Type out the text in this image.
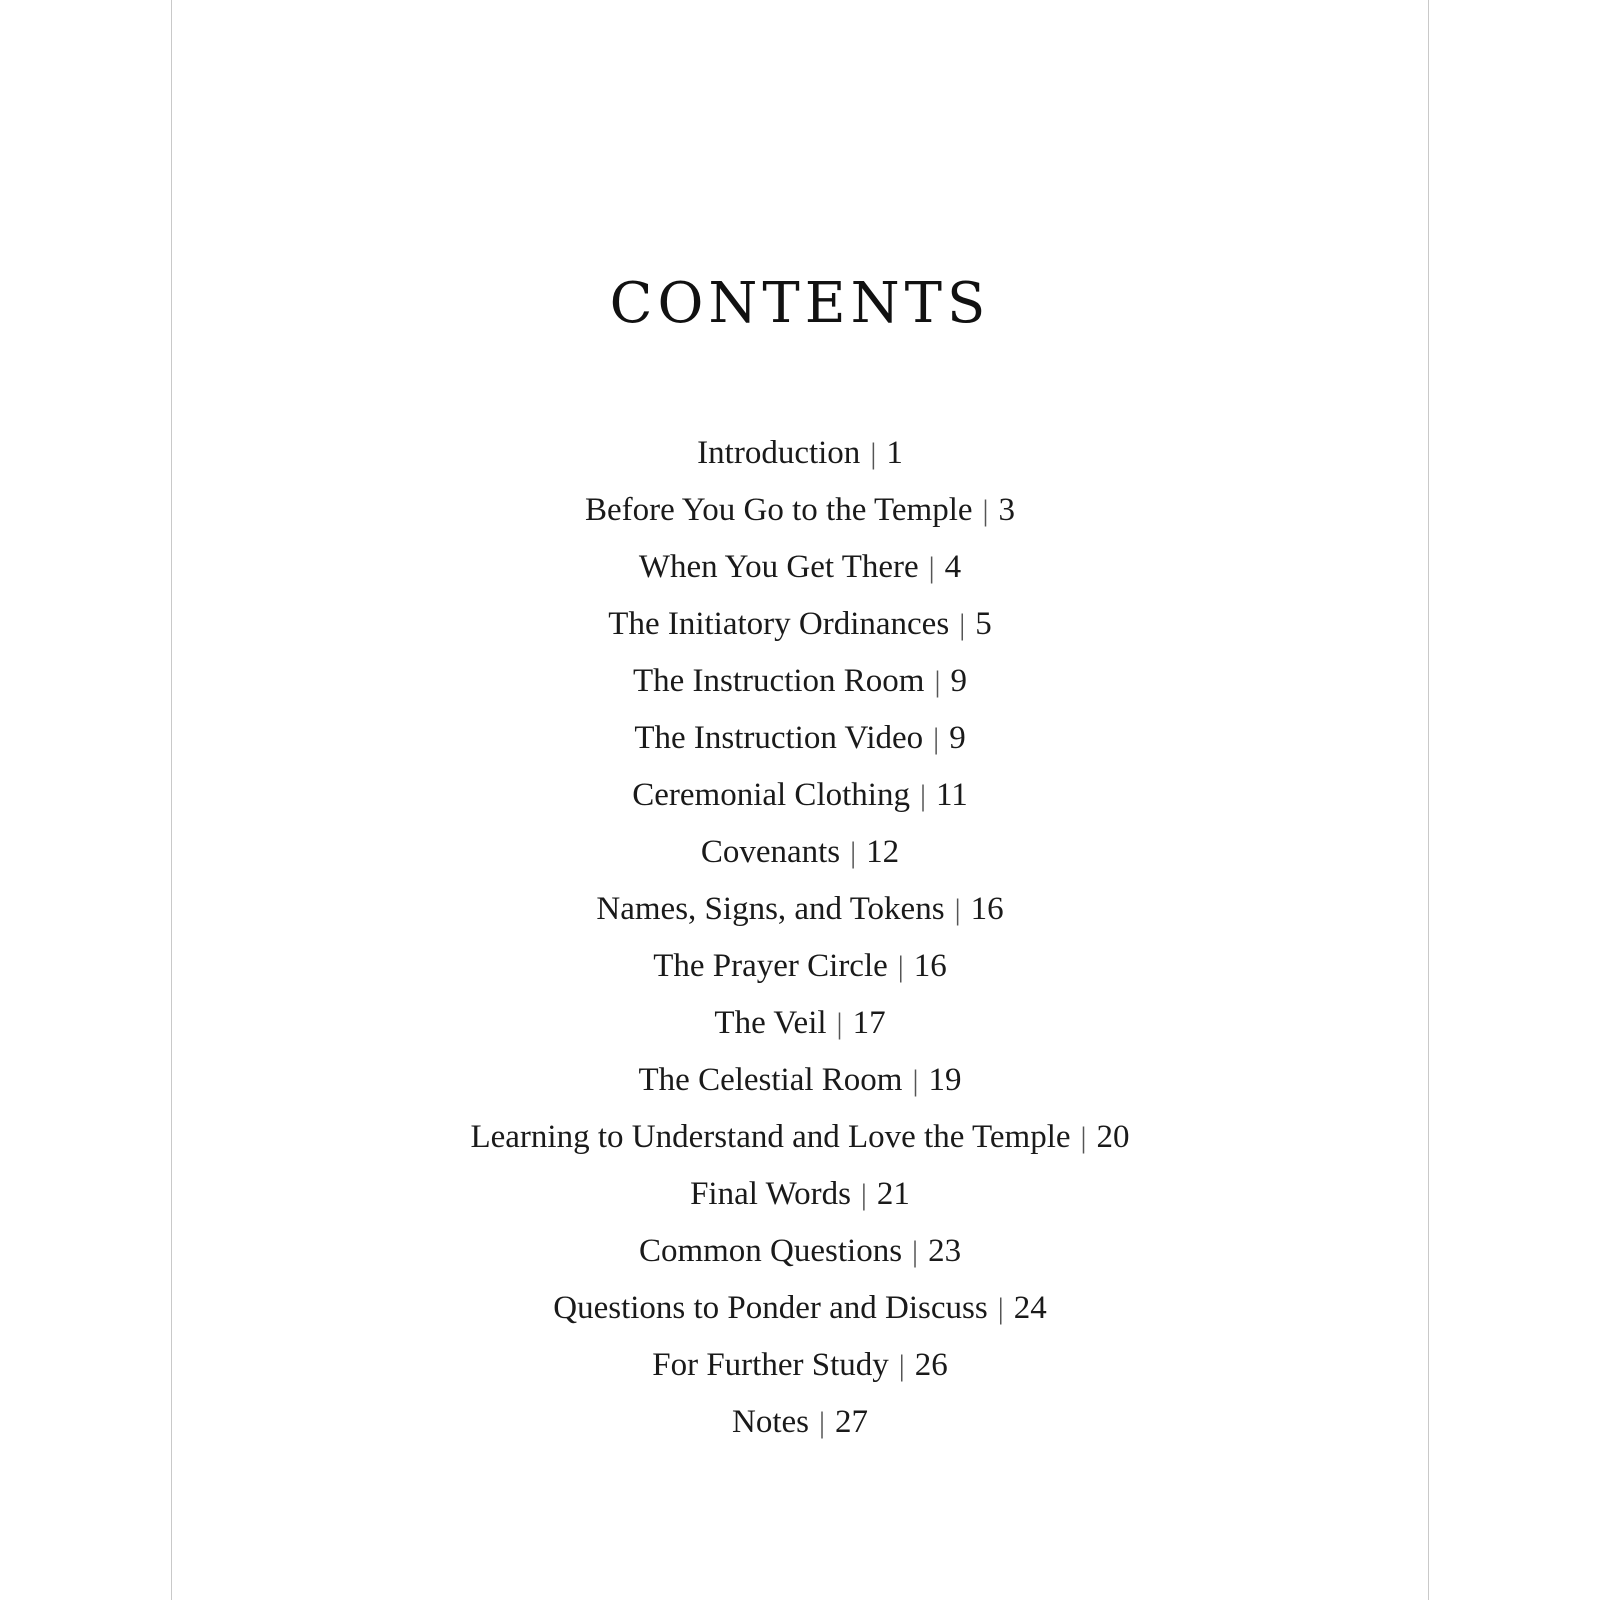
CONTENTS
Introduction | 1
Before You Go to the Temple | 3
When You Get There | 4
The Initiatory Ordinances | 5
The Instruction Room | 9
The Instruction Video | 9
Ceremonial Clothing | 11
Covenants | 12
Names, Signs, and Tokens | 16
The Prayer Circle | 16
The Veil | 17
The Celestial Room | 19
Learning to Understand and Love the Temple | 20
Final Words | 21
Common Questions | 23
Questions to Ponder and Discuss | 24
For Further Study | 26
Notes | 27
